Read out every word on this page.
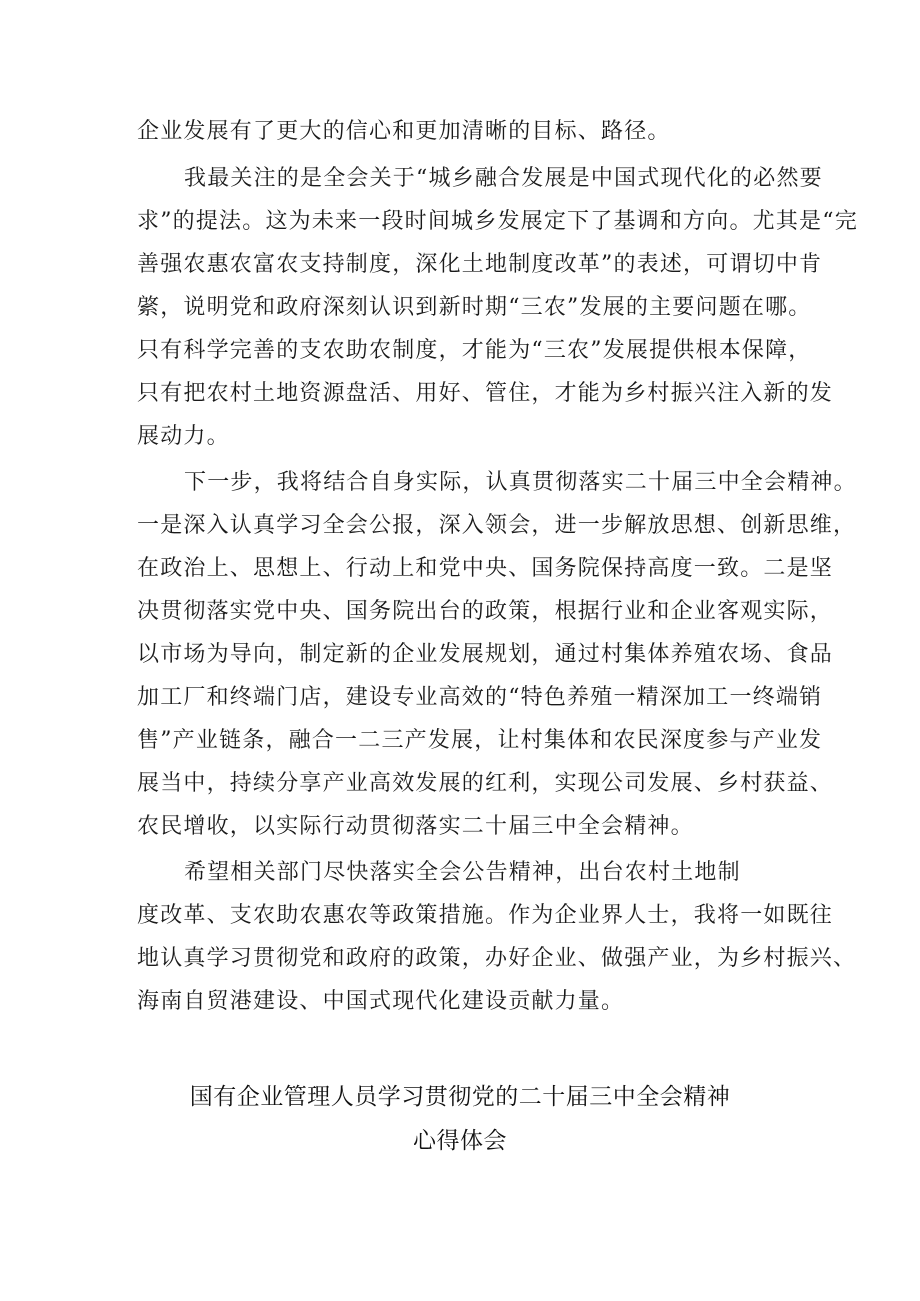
企业发展有了更大的信心和更加清晰的目标、路径。
我最关注的是全会关于“城乡融合发展是中国式现代化的必然要
求”的提法。这为未来一段时间城乡发展定下了基调和方向。尤其是“完
善强农惠农富农支持制度，深化土地制度改革”的表述，可谓切中肯
綮，说明党和政府深刻认识到新时期“三农”发展的主要问题在哪。
只有科学完善的支农助农制度，才能为“三农”发展提供根本保障，
只有把农村土地资源盘活、用好、管住，才能为乡村振兴注入新的发
展动力。
下一步，我将结合自身实际，认真贯彻落实二十届三中全会精神。
一是深入认真学习全会公报，深入领会，进一步解放思想、创新思维，
在政治上、思想上、行动上和党中央、国务院保持高度一致。二是坚
决贯彻落实党中央、国务院出台的政策，根据行业和企业客观实际，
以市场为导向，制定新的企业发展规划，通过村集体养殖农场、食品
加工厂和终端门店，建设专业高效的“特色养殖一精深加工一终端销
售”产业链条，融合一二三产发展，让村集体和农民深度参与产业发
展当中，持续分享产业高效发展的红利，实现公司发展、乡村获益、
农民增收，以实际行动贯彻落实二十届三中全会精神。
希望相关部门尽快落实全会公告精神，出台农村土地制
度改革、支农助农惠农等政策措施。作为企业界人士，我将一如既往
地认真学习贯彻党和政府的政策，办好企业、做强产业，为乡村振兴、
海南自贸港建设、中国式现代化建设贡献力量。
国有企业管理人员学习贯彻党的二十届三中全会精神
心得体会
